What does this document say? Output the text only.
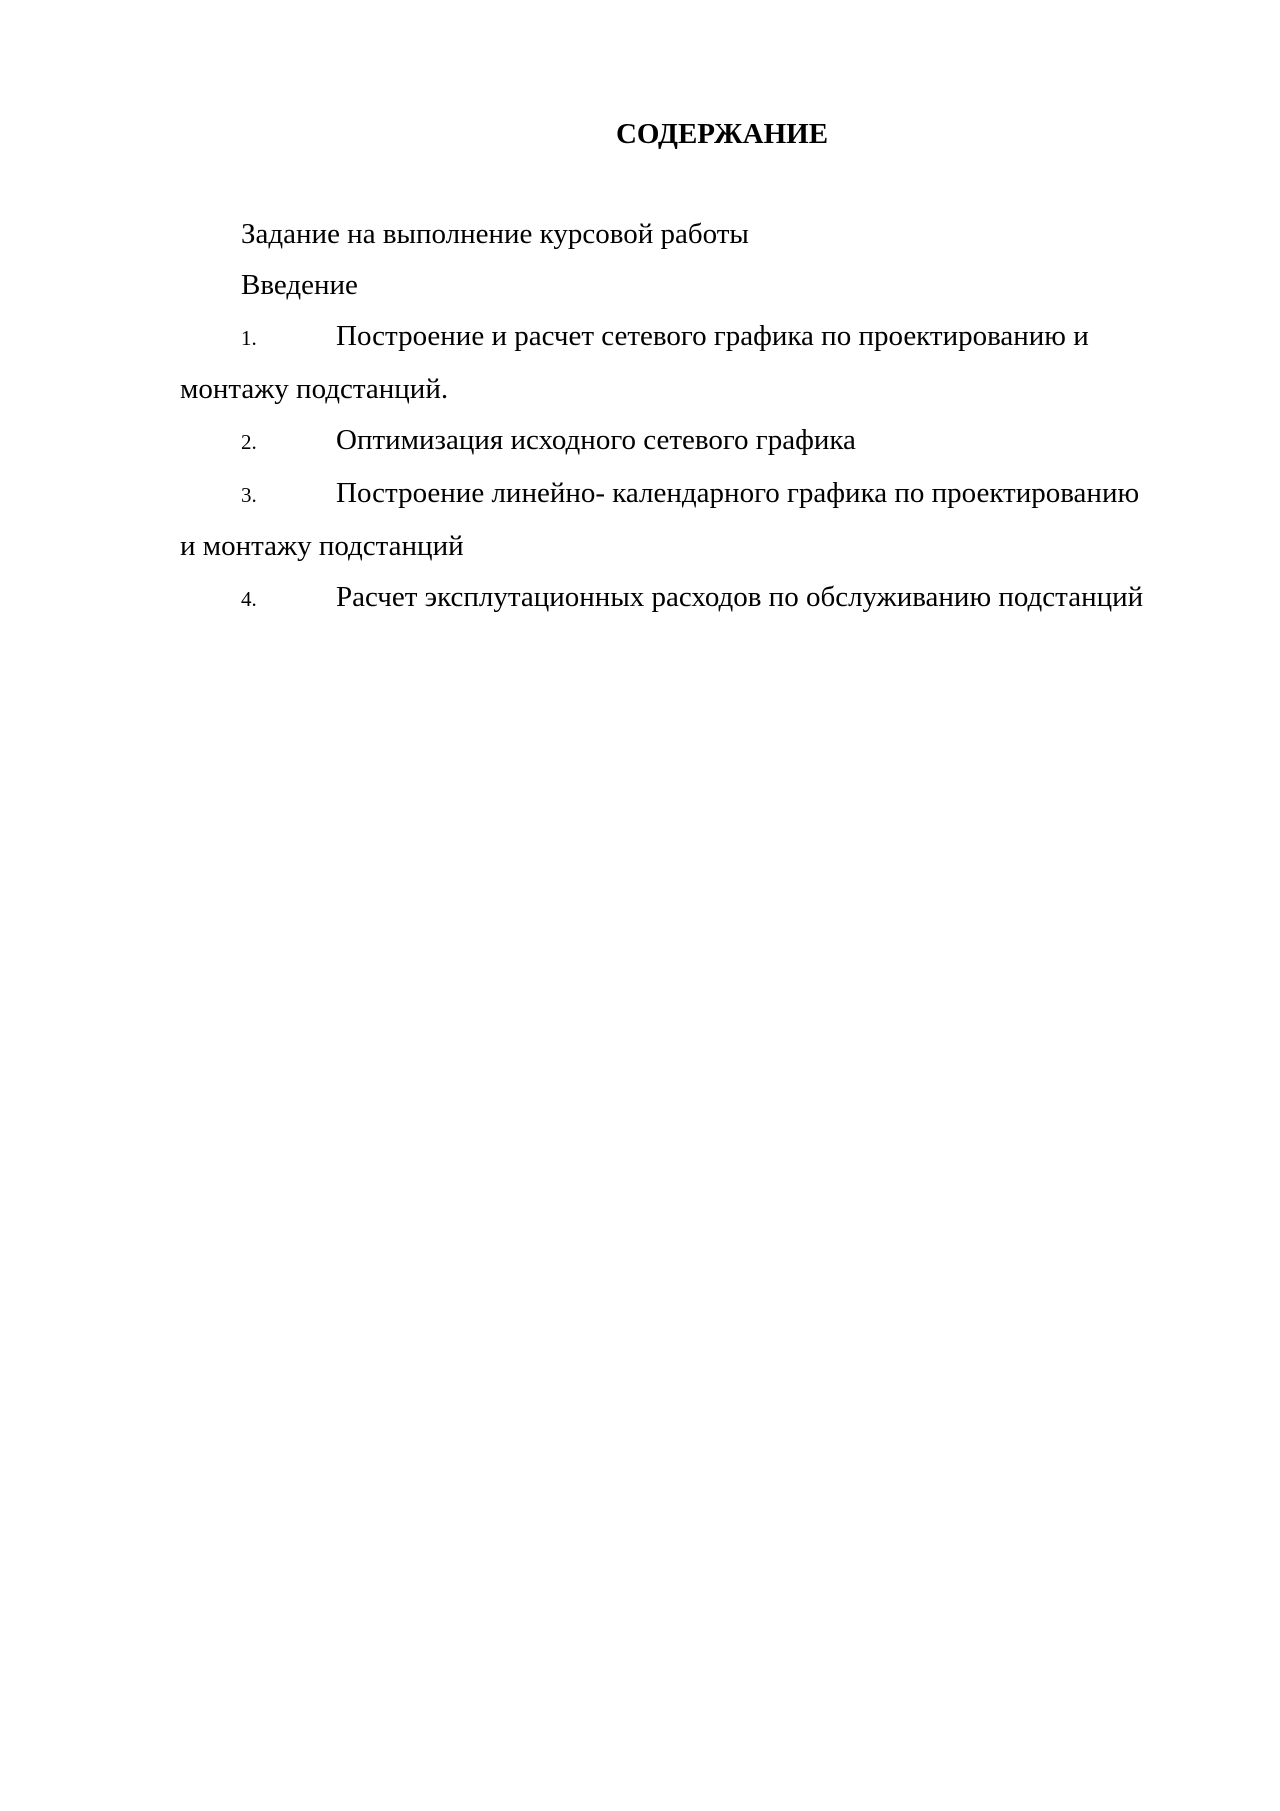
СОДЕРЖАНИЕ
Задание на выполнение курсовой работы
Введение
1.	Построение и расчет сетевого графика по проектированию и
монтажу подстанций.
2.	Оптимизация исходного сетевого графика
3.	Построение линейно- календарного графика по проектированию
и монтажу подстанций
4.	Расчет эксплутационных расходов по обслуживанию подстанций
